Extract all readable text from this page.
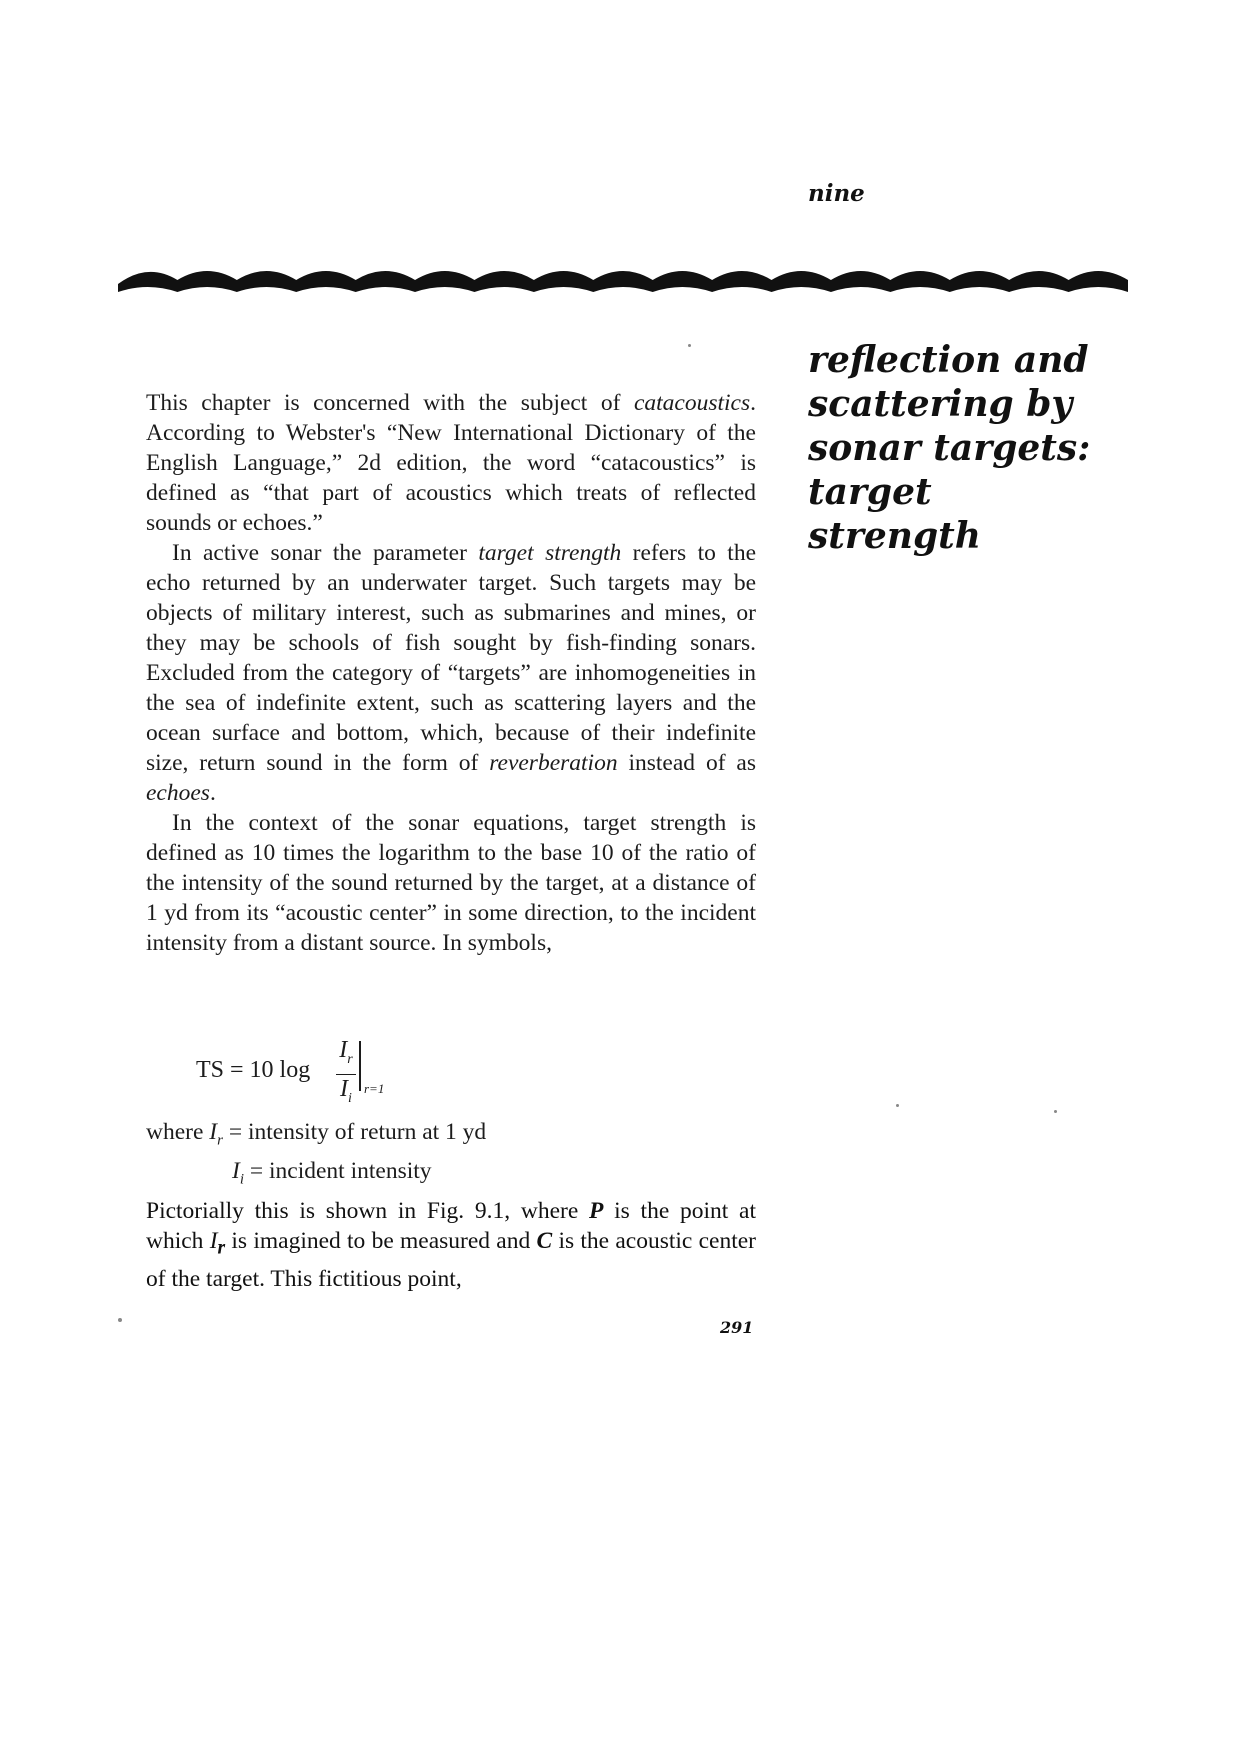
nine
reflection and
scattering by
sonar targets:
target
strength

This chapter is concerned with the subject of catacoustics. According to Webster's “New International Dictionary of the English Language,” 2d edition, the word “catacoustics” is defined as “that part of acoustics which treats of reflected sounds or echoes.”

In active sonar the parameter target strength refers to the echo returned by an underwater target. Such targets may be objects of military interest, such as submarines and mines, or they may be schools of fish sought by fish-finding sonars. Excluded from the category of “targets” are inhomogeneities in the sea of indefinite extent, such as scattering layers and the ocean surface and bottom, which, because of their indefinite size, return sound in the form of reverberation instead of as echoes.

In the context of the sonar equations, target strength is defined as 10 times the logarithm to the base 10 of the ratio of the intensity of the sound returned by the target, at a distance of 1 yd from its “acoustic center” in some direction, to the incident intensity from a distant source. In symbols,

TS = 10 log
$I_r$
$I_i$
r=1
where $I_r$ = intensity of return at 1 yd
$I_i$ = incident intensity
Pictorially this is shown in Fig. 9.1, where P is the point at which $I_r$ is imagined to be measured and C is the acoustic center of the target. This fictitious point,
291
